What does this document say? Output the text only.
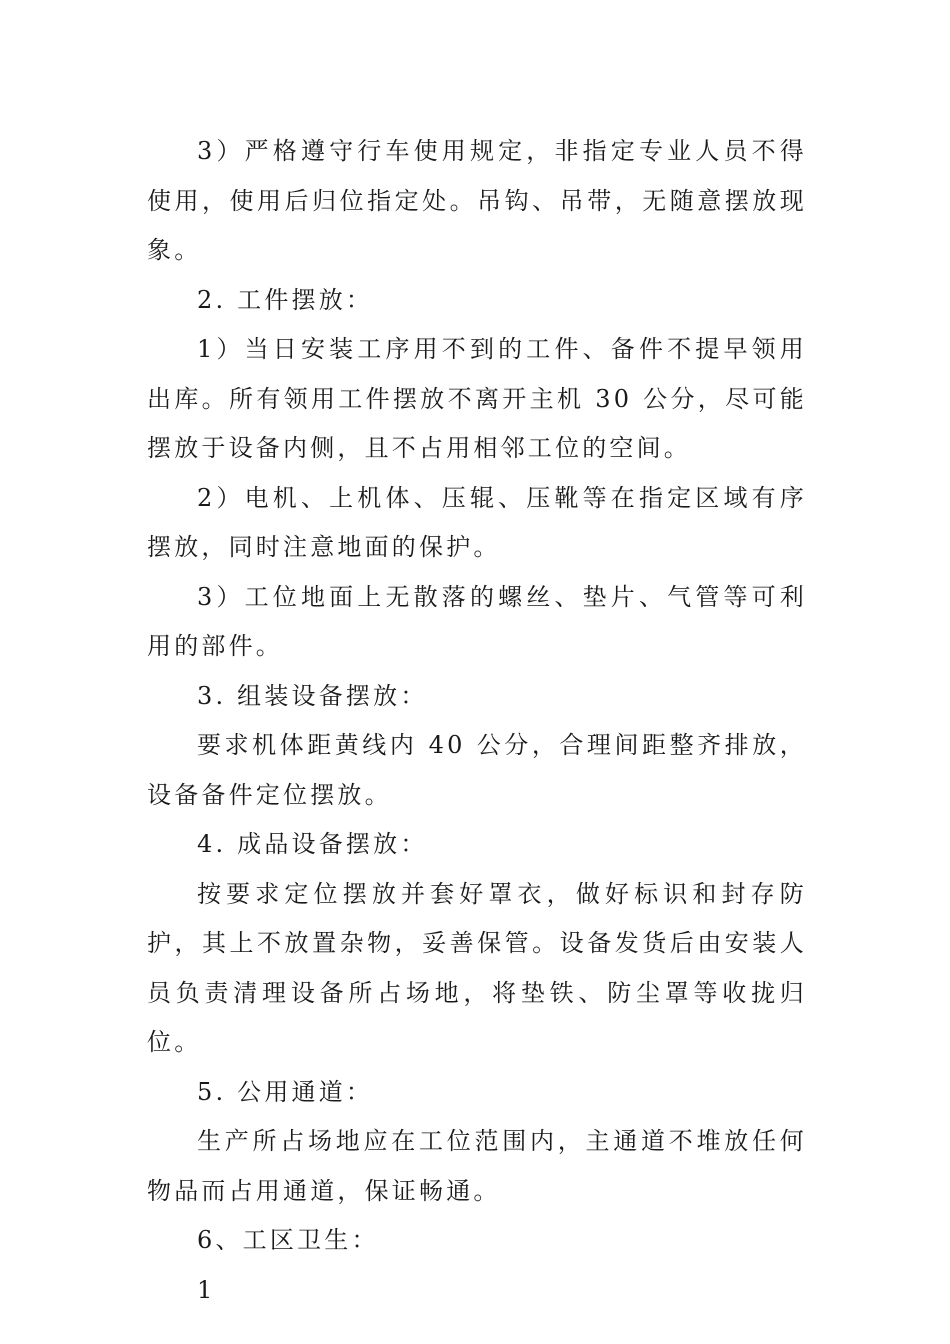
3）严格遵守行车使用规定，非指定专业人员不得使用，使用后归位指定处。吊钩、吊带，无随意摆放现象。

2. 工件摆放：

1）当日安装工序用不到的工件、备件不提早领用出库。所有领用工件摆放不离开主机 30 公分，尽可能摆放于设备内侧，且不占用相邻工位的空间。

2）电机、上机体、压辊、压靴等在指定区域有序摆放，同时注意地面的保护。

3）工位地面上无散落的螺丝、垫片、气管等可利用的部件。

3. 组装设备摆放：

要求机体距黄线内 40 公分，合理间距整齐排放，设备备件定位摆放。

4. 成品设备摆放：

按要求定位摆放并套好罩衣，做好标识和封存防护，其上不放置杂物，妥善保管。设备发货后由安装人员负责清理设备所占场地，将垫铁、防尘罩等收拢归位。

5. 公用通道：

生产所占场地应在工位范围内，主通道不堆放任何物品而占用通道，保证畅通。

6、工区卫生：

1
